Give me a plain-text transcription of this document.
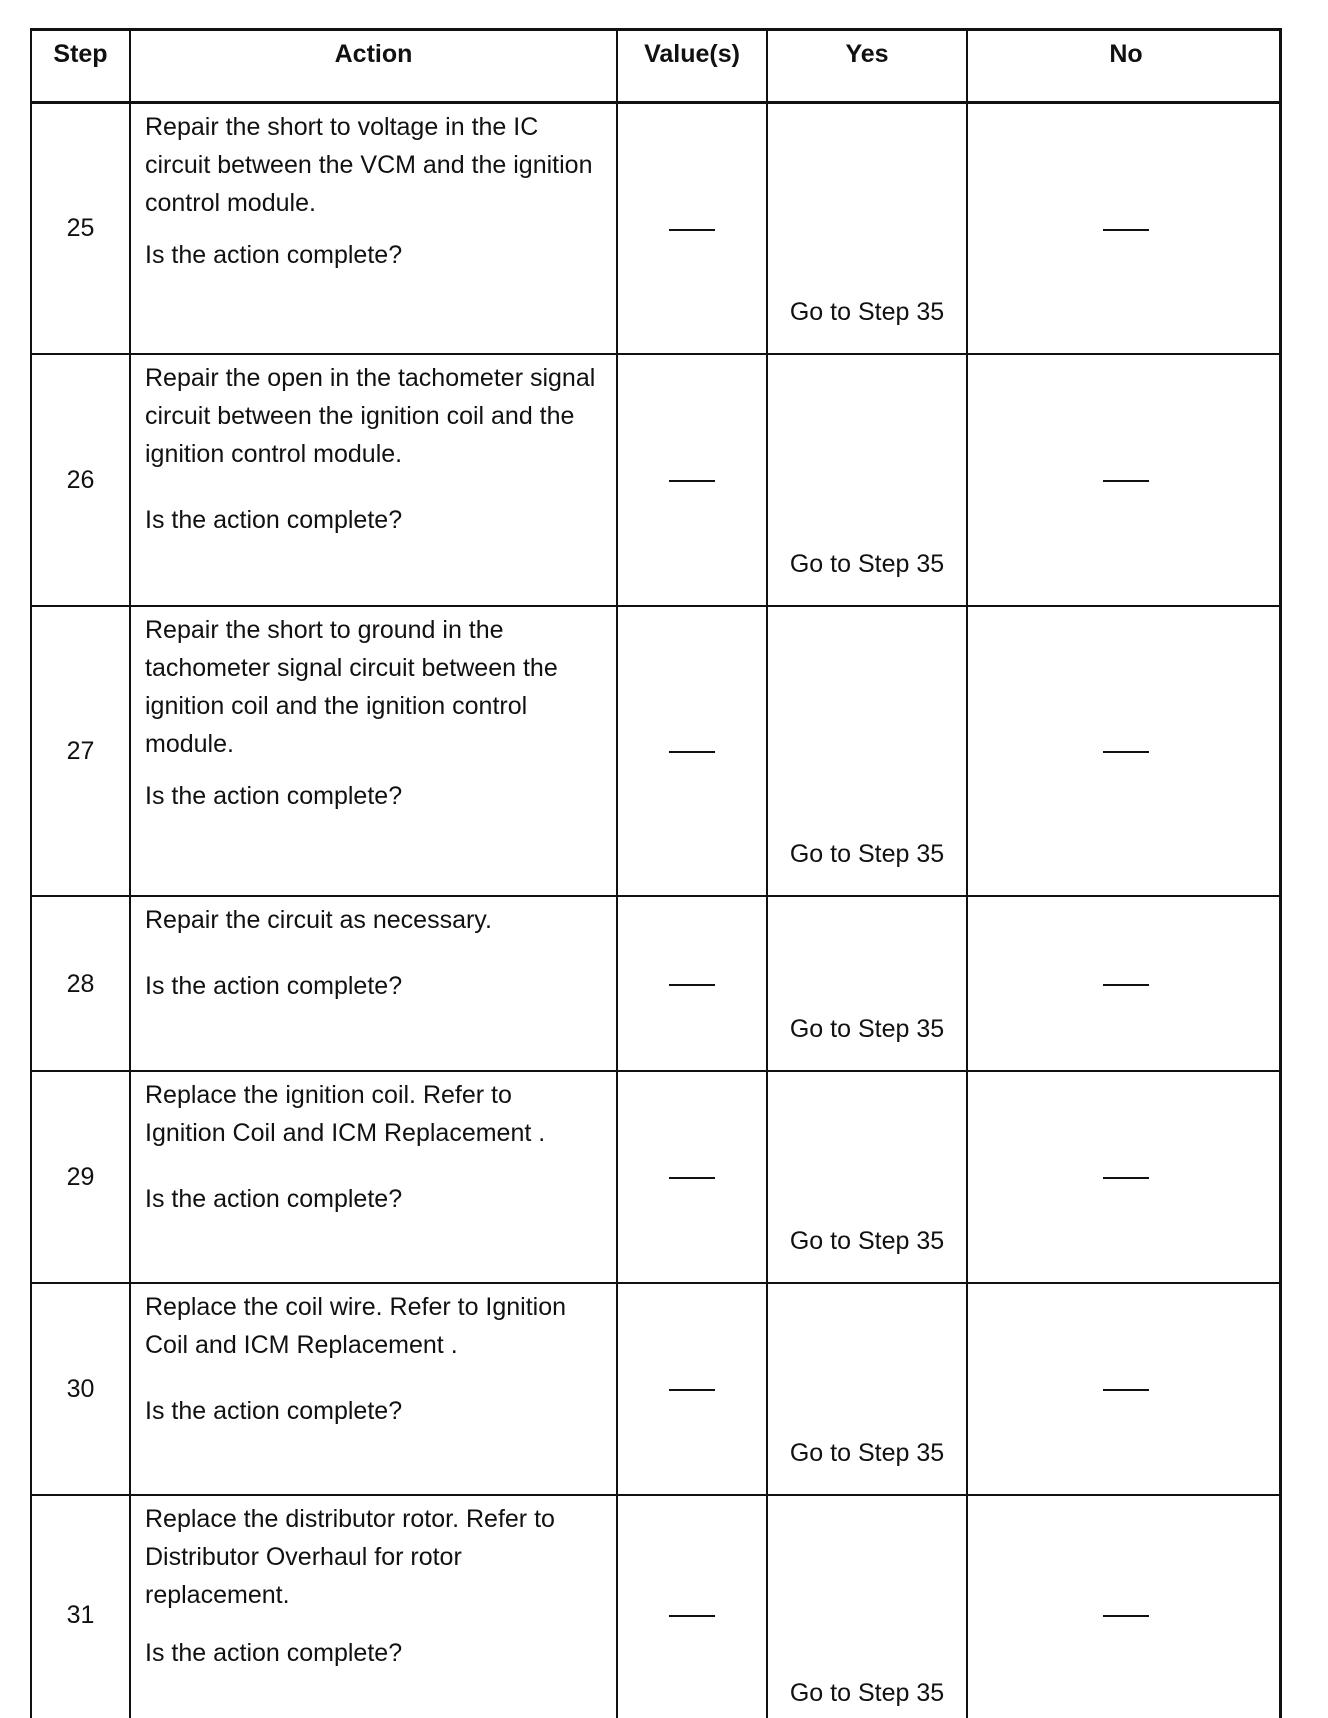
Step	Action	Value(s)	Yes	No
25	Repair the short to voltage in the IC

circuit between the VCM and the ignition

control module.

Is the action complete?		Go to Step 35	
26	Repair the open in the tachometer signal

circuit between the ignition coil and the

ignition control module.

Is the action complete?		Go to Step 35	
27	Repair the short to ground in the

tachometer signal circuit between the

ignition coil and the ignition control

module.

Is the action complete?		Go to Step 35	
28	Repair the circuit as necessary.

Is the action complete?		Go to Step 35	
29	Replace the ignition coil. Refer to

Ignition Coil and ICM Replacement .

Is the action complete?		Go to Step 35	
30	Replace the coil wire. Refer to Ignition

Coil and ICM Replacement .

Is the action complete?		Go to Step 35	
31	Replace the distributor rotor. Refer to

Distributor Overhaul for rotor

replacement.

Is the action complete?		Go to Step 35	
